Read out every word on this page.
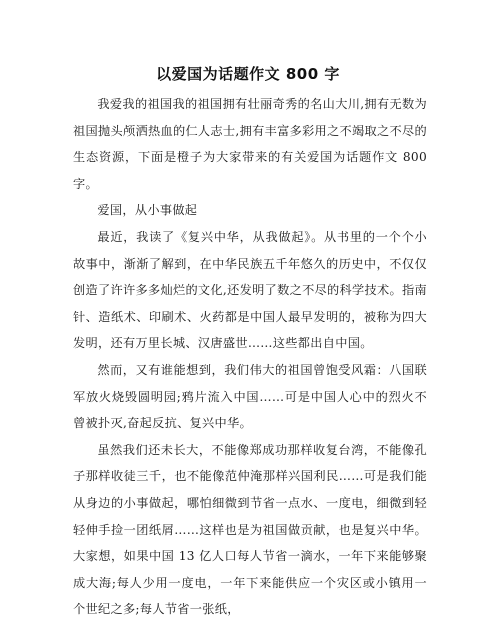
以爱国为话题作文 800 字

我爱我的祖国我的祖国拥有壮丽奇秀的名山大川,拥有无数为祖国抛头颅洒热血的仁人志士,拥有丰富多彩用之不竭取之不尽的生态资源，下面是橙子为大家带来的有关爱国为话题作文 800 字。

爱国，从小事做起

最近，我读了《复兴中华，从我做起》。从书里的一个个小故事中，渐渐了解到，在中华民族五千年悠久的历史中，不仅仅创造了许许多多灿烂的文化,还发明了数之不尽的科学技术。指南针、造纸术、印刷术、火药都是中国人最早发明的，被称为四大发明，还有万里长城、汉唐盛世……这些都出自中国。

然而，又有谁能想到，我们伟大的祖国曾饱受风霜：八国联军放火烧毁圆明园;鸦片流入中国……可是中国人心中的烈火不曾被扑灭,奋起反抗、复兴中华。

虽然我们还未长大，不能像郑成功那样收复台湾，不能像孔子那样收徒三千，也不能像范仲淹那样兴国利民……可是我们能从身边的小事做起，哪怕细微到节省一点水、一度电，细微到轻轻伸手捡一团纸屑……这样也是为祖国做贡献，也是复兴中华。大家想，如果中国 13 亿人口每人节省一滴水，一年下来能够聚成大海;每人少用一度电，一年下来能供应一个灾区或小镇用一个世纪之多;每人节省一张纸，
